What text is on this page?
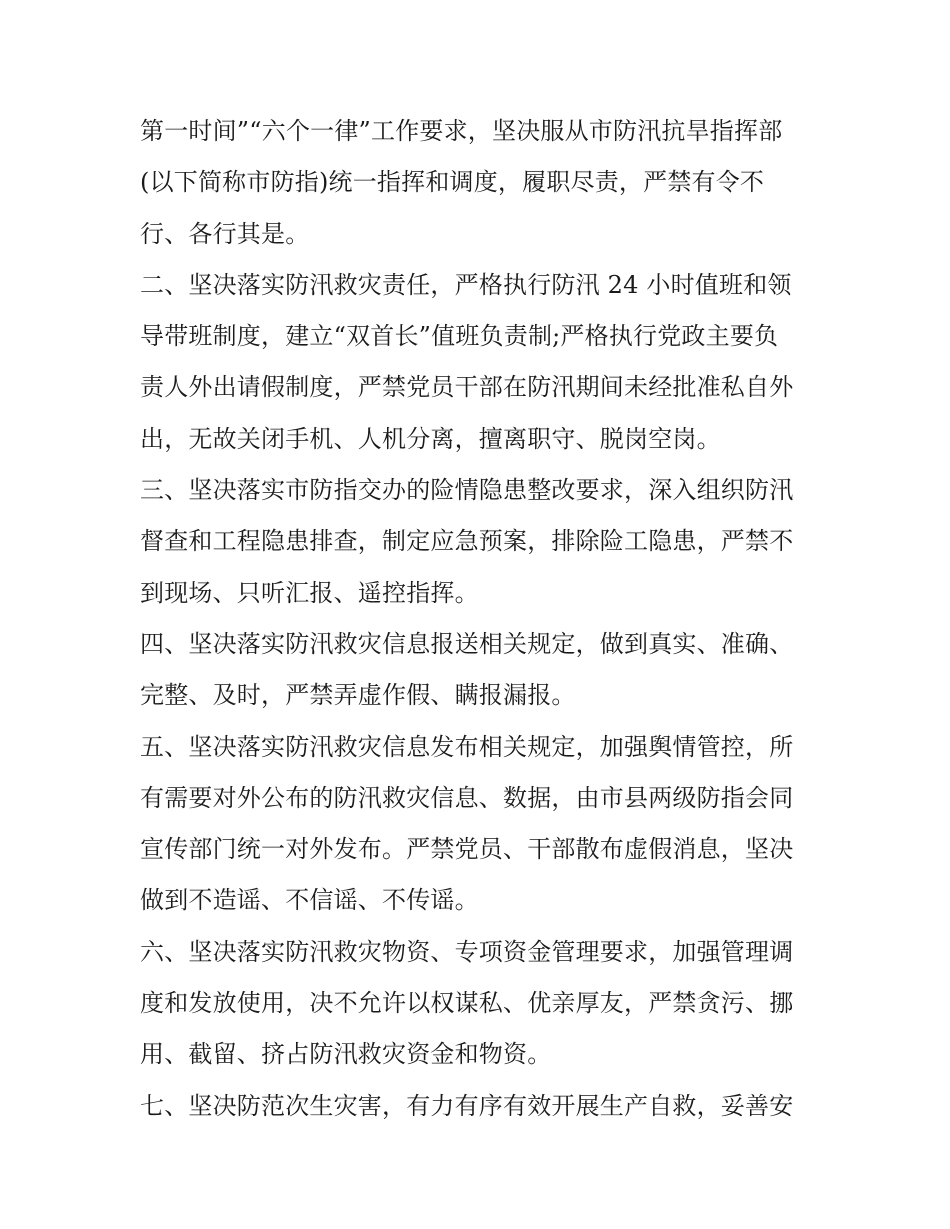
第一时间”“六个一律”工作要求，坚决服从市防汛抗旱指挥部
(以下简称市防指)统一指挥和调度，履职尽责，严禁有令不
行、各行其是。
二、坚决落实防汛救灾责任，严格执行防汛 24 小时值班和领
导带班制度，建立“双首长”值班负责制;严格执行党政主要负
责人外出请假制度，严禁党员干部在防汛期间未经批准私自外
出，无故关闭手机、人机分离，擅离职守、脱岗空岗。
三、坚决落实市防指交办的险情隐患整改要求，深入组织防汛
督查和工程隐患排查，制定应急预案，排除险工隐患，严禁不
到现场、只听汇报、遥控指挥。
四、坚决落实防汛救灾信息报送相关规定，做到真实、准确、
完整、及时，严禁弄虚作假、瞒报漏报。
五、坚决落实防汛救灾信息发布相关规定，加强舆情管控，所
有需要对外公布的防汛救灾信息、数据，由市县两级防指会同
宣传部门统一对外发布。严禁党员、干部散布虚假消息，坚决
做到不造谣、不信谣、不传谣。
六、坚决落实防汛救灾物资、专项资金管理要求，加强管理调
度和发放使用，决不允许以权谋私、优亲厚友，严禁贪污、挪
用、截留、挤占防汛救灾资金和物资。
七、坚决防范次生灾害，有力有序有效开展生产自救，妥善安
